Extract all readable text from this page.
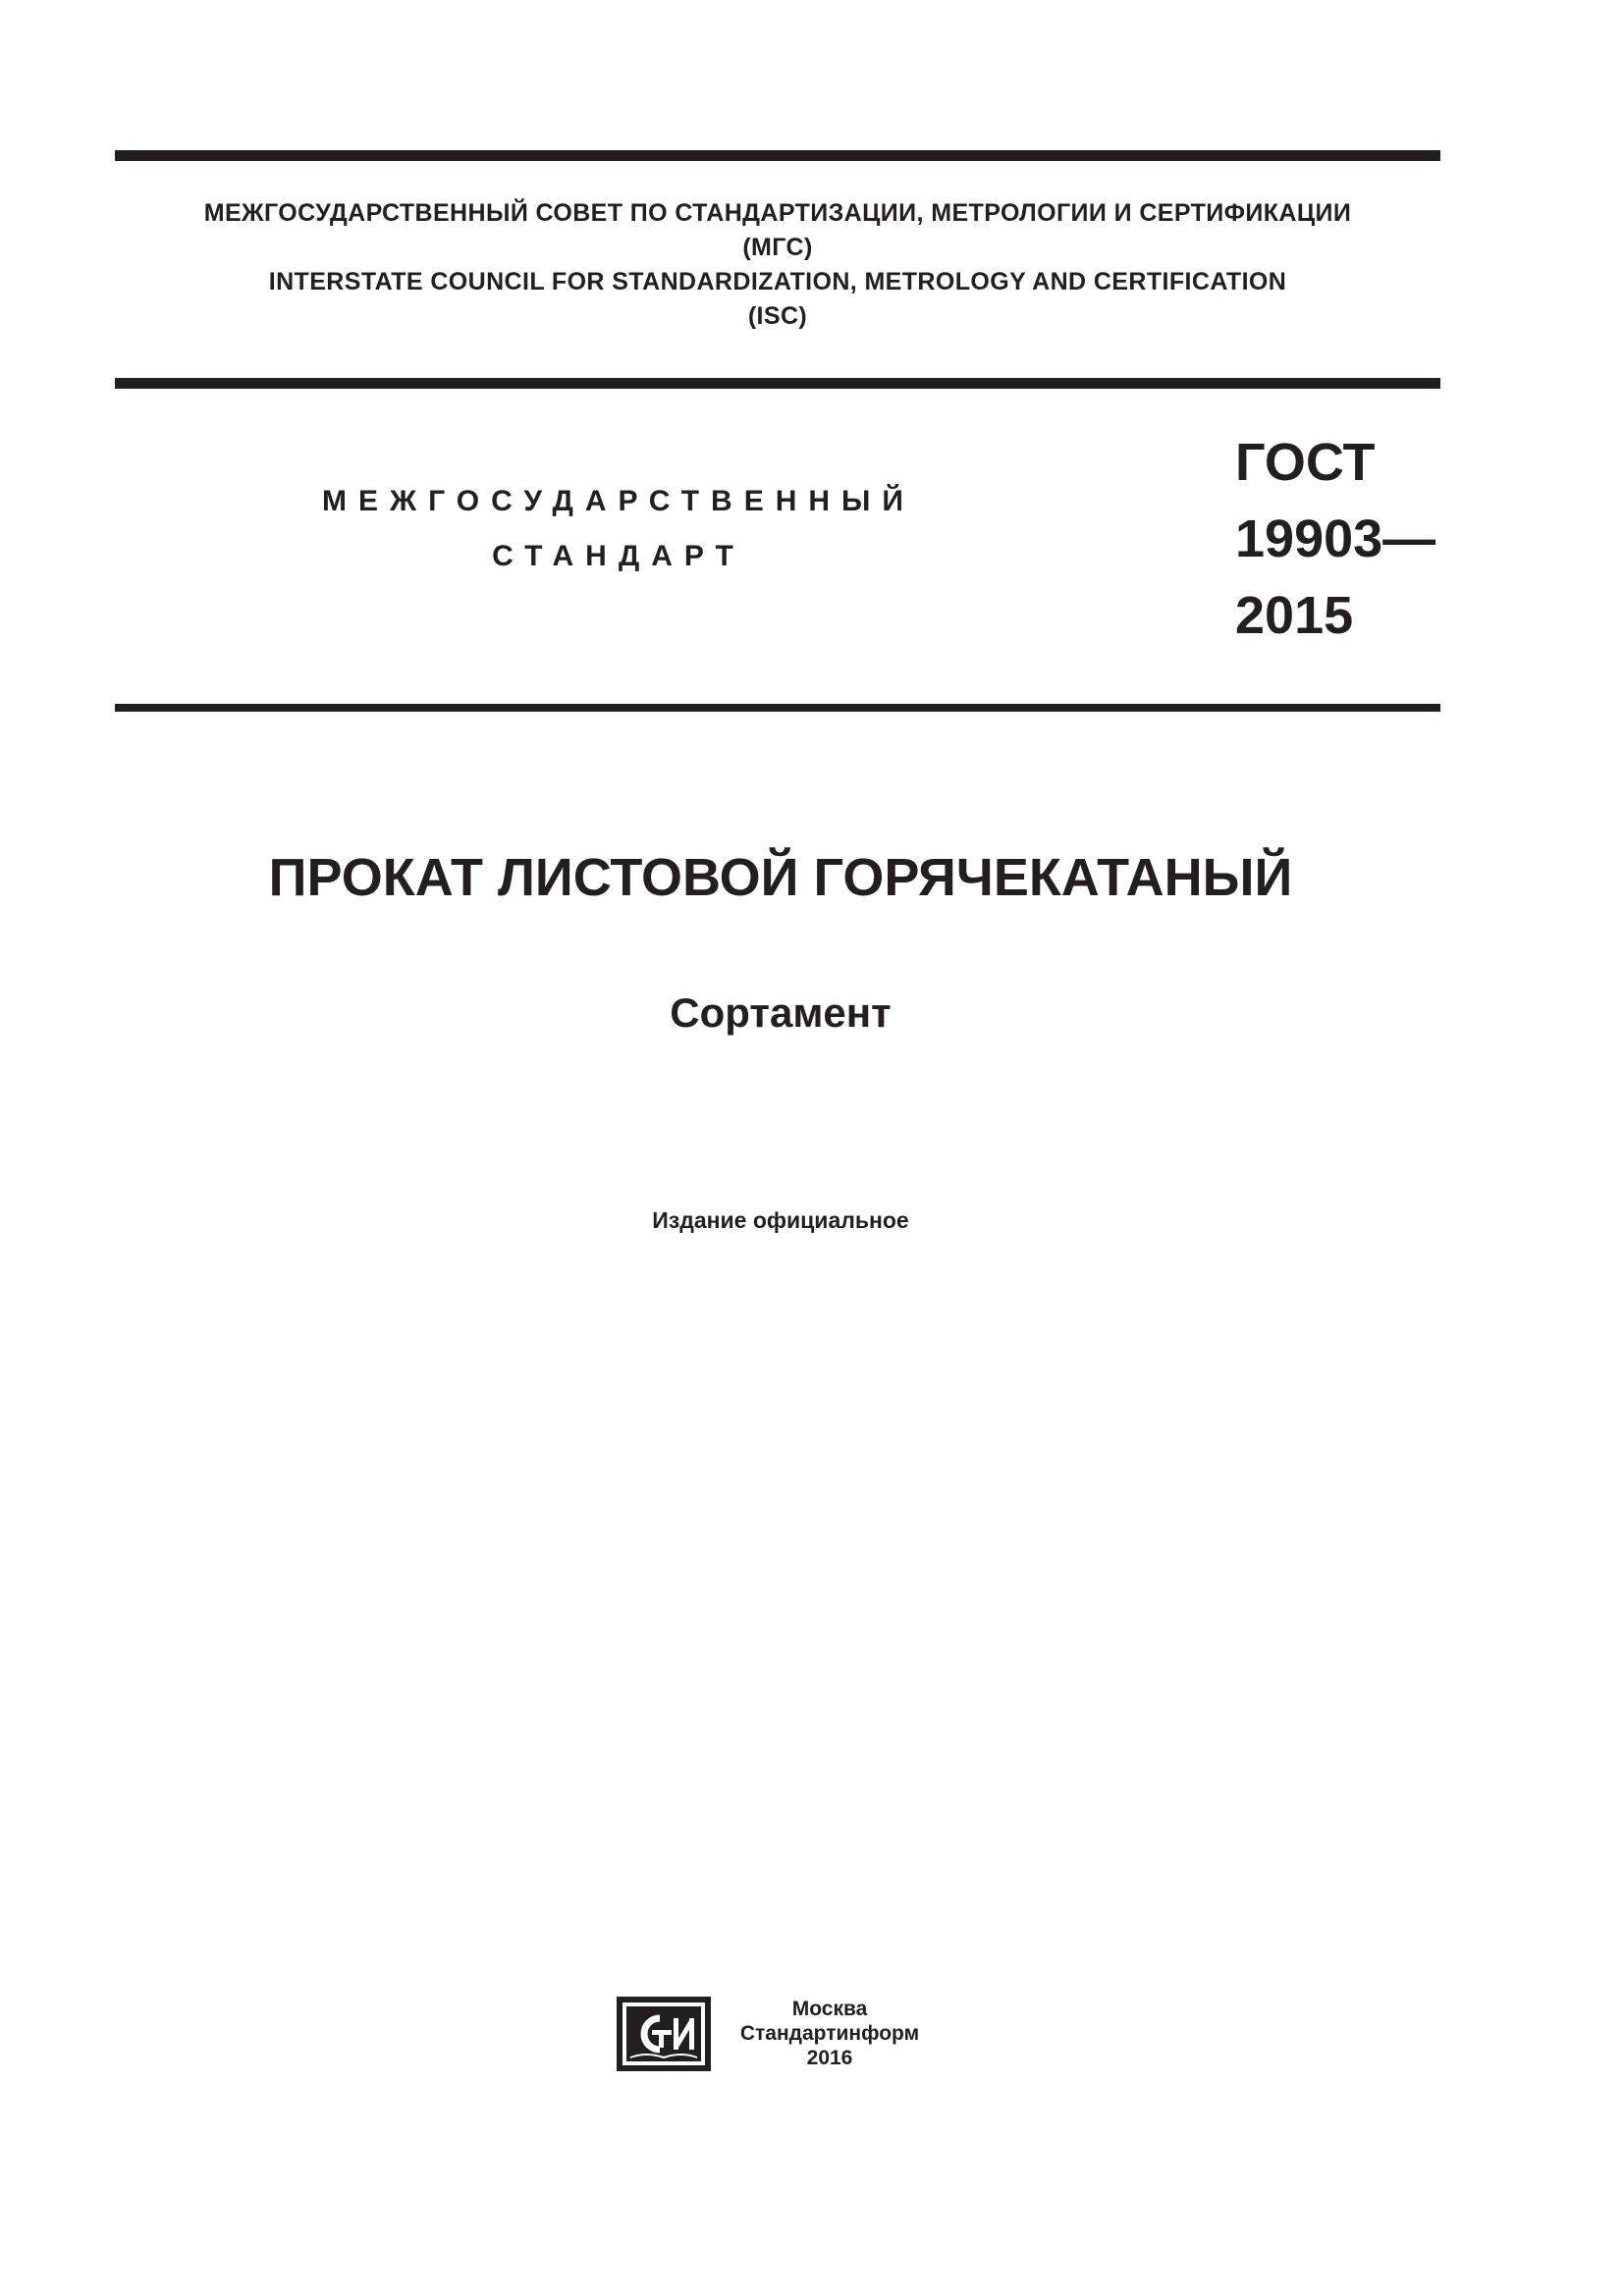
МЕЖГОСУДАРСТВЕННЫЙ СОВЕТ ПО СТАНДАРТИЗАЦИИ, МЕТРОЛОГИИ И СЕРТИФИКАЦИИ
(МГС)
INTERSTATE COUNCIL FOR STANDARDIZATION, METROLOGY AND CERTIFICATION
(ISC)
МЕЖГОСУДАРСТВЕННЫЙ
СТАНДАРТ
ГОСТ
19903—
2015
ПРОКАТ ЛИСТОВОЙ ГОРЯЧЕКАТАНЫЙ
Сортамент
Издание официальное
Москва
Стандартинформ
2016
